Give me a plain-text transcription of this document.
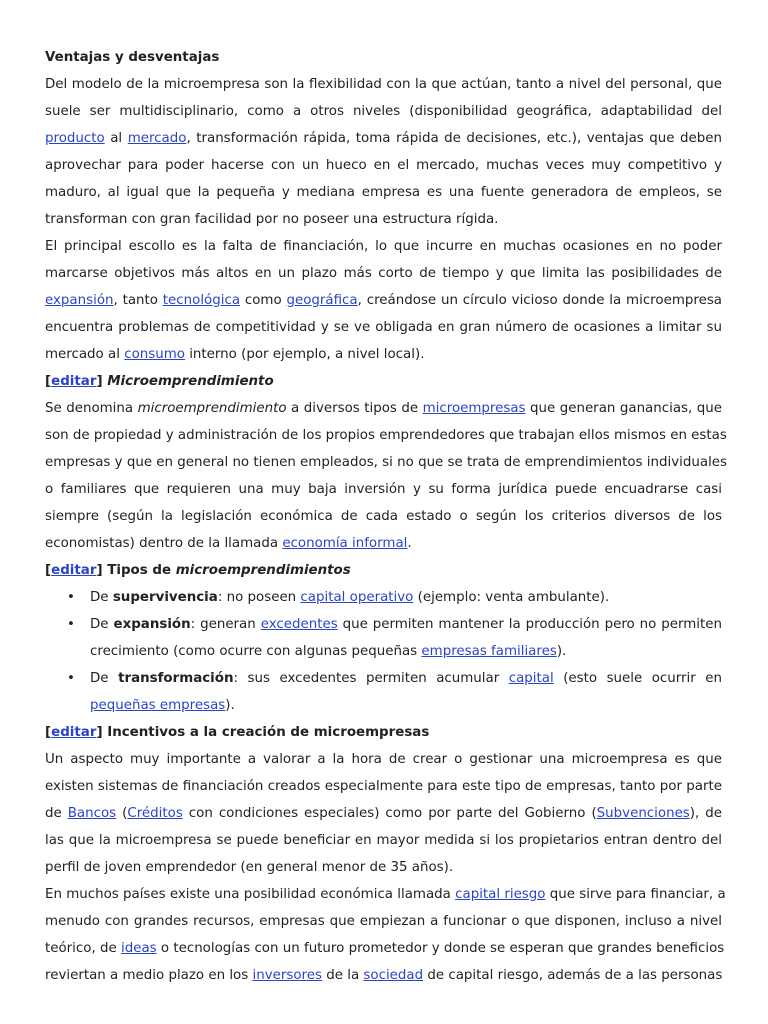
Ventajas y desventajas
Del modelo de la microempresa son la flexibilidad con la que actúan, tanto a nivel del personal, que
suele ser multidisciplinario, como a otros niveles (disponibilidad geográfica, adaptabilidad del
producto al mercado, transformación rápida, toma rápida de decisiones, etc.), ventajas que deben
aprovechar para poder hacerse con un hueco en el mercado, muchas veces muy competitivo y
maduro, al igual que la pequeña y mediana empresa es una fuente generadora de empleos, se
transforman con gran facilidad por no poseer una estructura rígida.
El principal escollo es la falta de financiación, lo que incurre en muchas ocasiones en no poder
marcarse objetivos más altos en un plazo más corto de tiempo y que limita las posibilidades de
expansión, tanto tecnológica como geográfica, creándose un círculo vicioso donde la microempresa
encuentra problemas de competitividad y se ve obligada en gran número de ocasiones a limitar su
mercado al consumo interno (por ejemplo, a nivel local).
[editar] Microemprendimiento
Se denomina microemprendimiento a diversos tipos de microempresas que generan ganancias, que
son de propiedad y administración de los propios emprendedores que trabajan ellos mismos en estas
empresas y que en general no tienen empleados, si no que se trata de emprendimientos individuales
o familiares que requieren una muy baja inversión y su forma jurídica puede encuadrarse casi
siempre (según la legislación económica de cada estado o según los criterios diversos de los
economistas) dentro de la llamada economía informal.
[editar] Tipos de microemprendimientos
• De supervivencia: no poseen capital operativo (ejemplo: venta ambulante).
• De expansión: generan excedentes que permiten mantener la producción pero no permiten
crecimiento (como ocurre con algunas pequeñas empresas familiares).
• De transformación: sus excedentes permiten acumular capital (esto suele ocurrir en
pequeñas empresas).
[editar] Incentivos a la creación de microempresas
Un aspecto muy importante a valorar a la hora de crear o gestionar una microempresa es que
existen sistemas de financiación creados especialmente para este tipo de empresas, tanto por parte
de Bancos (Créditos con condiciones especiales) como por parte del Gobierno (Subvenciones), de
las que la microempresa se puede beneficiar en mayor medida si los propietarios entran dentro del
perfil de joven emprendedor (en general menor de 35 años).
En muchos países existe una posibilidad económica llamada capital riesgo que sirve para financiar, a
menudo con grandes recursos, empresas que empiezan a funcionar o que disponen, incluso a nivel
teórico, de ideas o tecnologías con un futuro prometedor y donde se esperan que grandes beneficios
reviertan a medio plazo en los inversores de la sociedad de capital riesgo, además de a las personas
